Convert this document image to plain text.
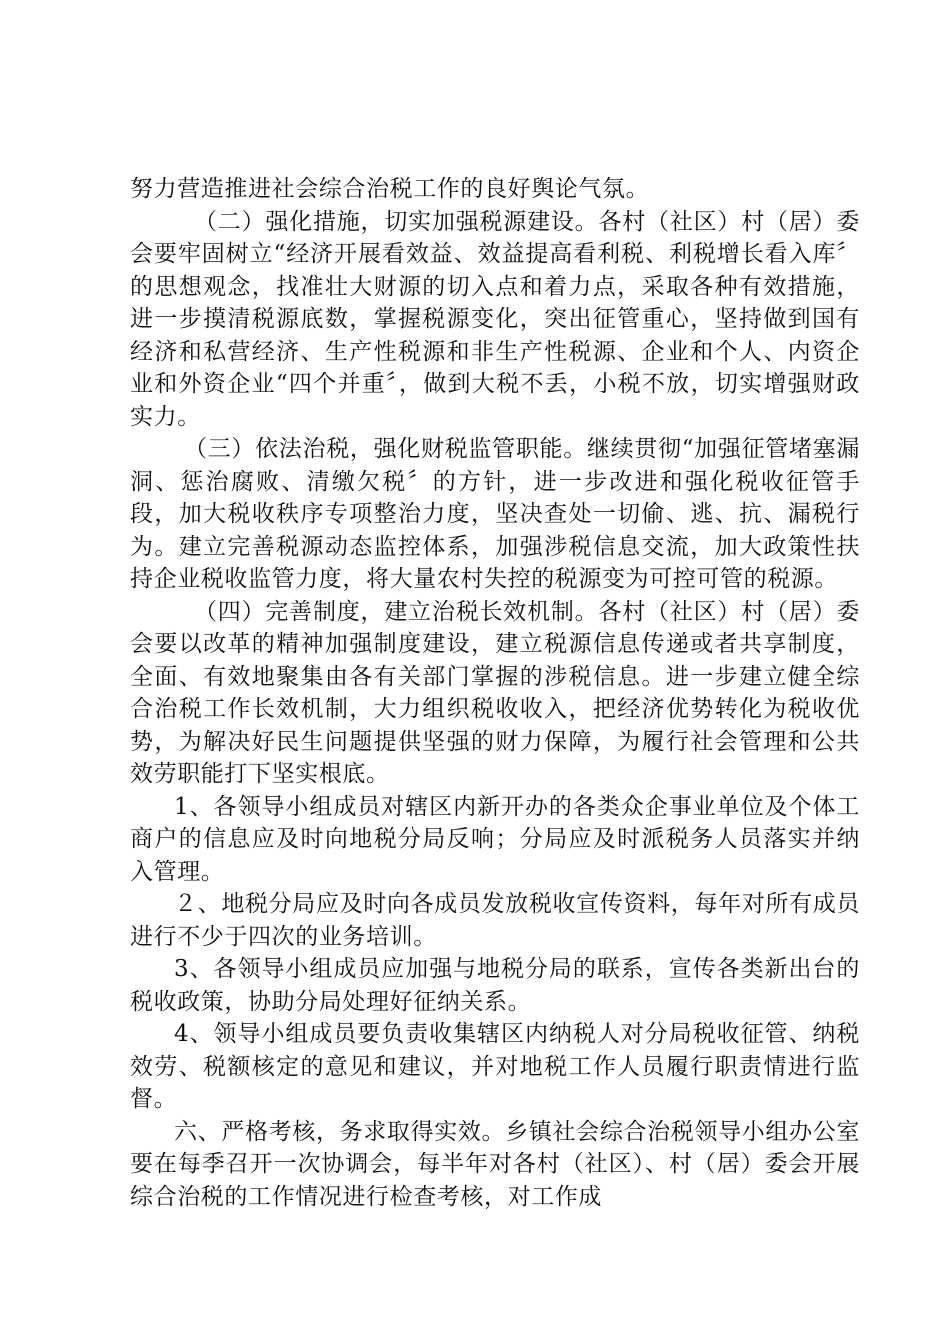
努力营造推进社会综合治税工作的良好舆论气氛。

（二）强化措施，切实加强税源建设。各村（社区）村（居）委会要牢固树立“经济开展看效益、效益提高看利税、利税增长看入库〞的思想观念，找准壮大财源的切入点和着力点，采取各种有效措施，进一步摸清税源底数，掌握税源变化，突出征管重心，坚持做到国有经济和私营经济、生产性税源和非生产性税源、企业和个人、内资企业和外资企业“四个并重〞，做到大税不丢，小税不放，切实增强财政实力。

（三）依法治税，强化财税监管职能。继续贯彻“加强征管堵塞漏洞、惩治腐败、清缴欠税〞的方针，进一步改进和强化税收征管手段，加大税收秩序专项整治力度，坚决查处一切偷、逃、抗、漏税行为。建立完善税源动态监控体系，加强涉税信息交流，加大政策性扶持企业税收监管力度，将大量农村失控的税源变为可控可管的税源。

（四）完善制度，建立治税长效机制。各村（社区）村（居）委会要以改革的精神加强制度建设，建立税源信息传递或者共享制度，全面、有效地聚集由各有关部门掌握的涉税信息。进一步建立健全综合治税工作长效机制，大力组织税收收入，把经济优势转化为税收优势，为解决好民生问题提供坚强的财力保障，为履行社会管理和公共效劳职能打下坚实根底。

1、各领导小组成员对辖区内新开办的各类众企事业单位及个体工商户的信息应及时向地税分局反响；分局应及时派税务人员落实并纳入管理。

２、地税分局应及时向各成员发放税收宣传资料，每年对所有成员进行不少于四次的业务培训。

3、各领导小组成员应加强与地税分局的联系，宣传各类新出台的税收政策，协助分局处理好征纳关系。

4、领导小组成员要负责收集辖区内纳税人对分局税收征管、纳税效劳、税额核定的意见和建议，并对地税工作人员履行职责情进行监督。

六、严格考核，务求取得实效。乡镇社会综合治税领导小组办公室要在每季召开一次协调会，每半年对各村（社区）、村（居）委会开展综合治税的工作情况进行检查考核，对工作成
